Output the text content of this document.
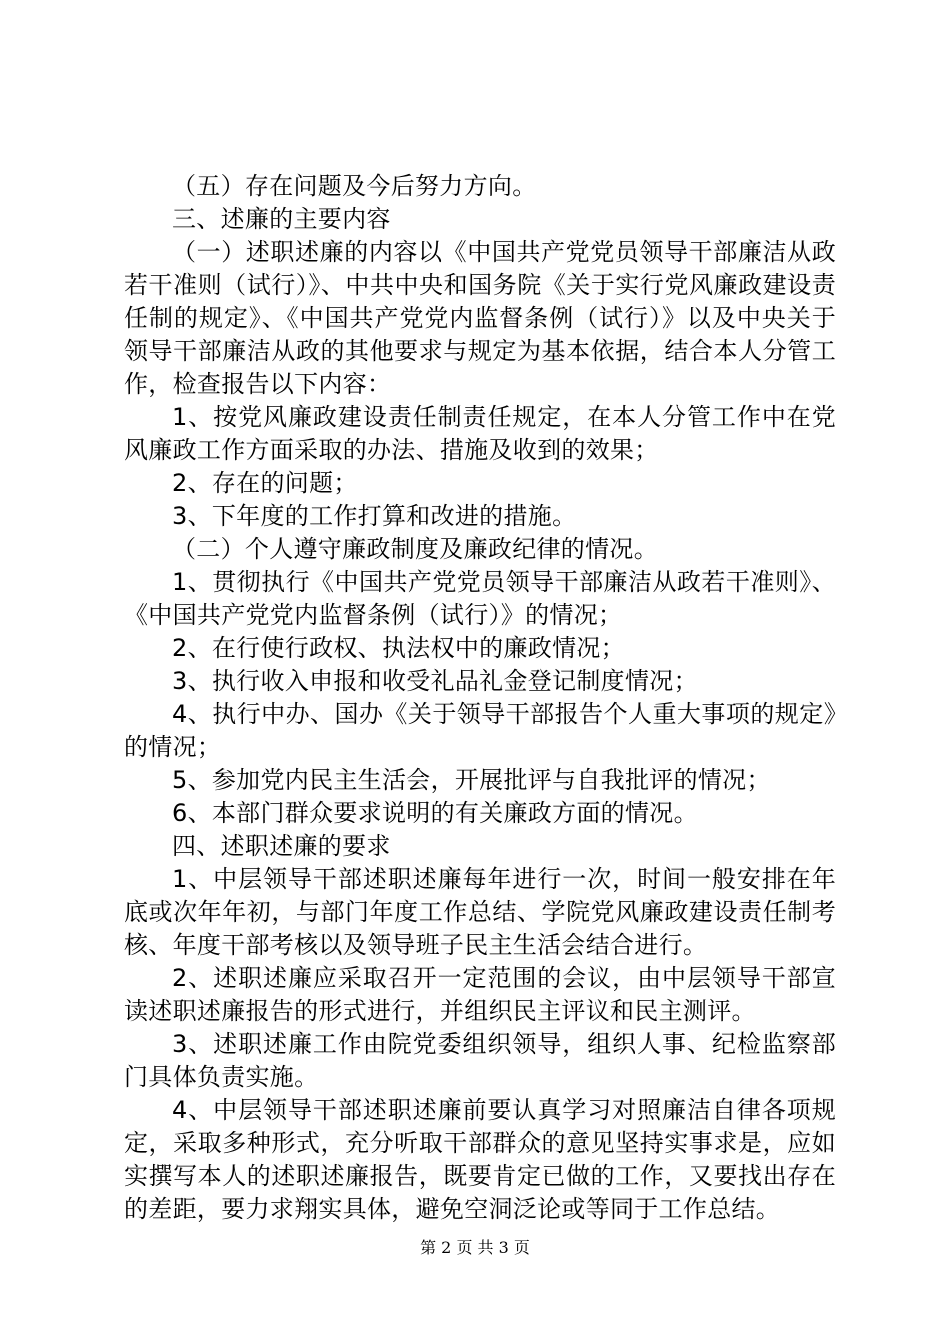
（五）存在问题及今后努力方向。

三、述廉的主要内容

（一）述职述廉的内容以《中国共产党党员领导干部廉洁从政若干准则（试行）》、中共中央和国务院《关于实行党风廉政建设责任制的规定》、《中国共产党党内监督条例（试行）》以及中央关于领导干部廉洁从政的其他要求与规定为基本依据，结合本人分管工作，检查报告以下内容：

1、按党风廉政建设责任制责任规定，在本人分管工作中在党风廉政工作方面采取的办法、措施及收到的效果；

2、存在的问题；

3、下年度的工作打算和改进的措施。

（二）个人遵守廉政制度及廉政纪律的情况。

1、贯彻执行《中国共产党党员领导干部廉洁从政若干准则》、《中国共产党党内监督条例（试行）》的情况；

2、在行使行政权、执法权中的廉政情况；

3、执行收入申报和收受礼品礼金登记制度情况；

4、执行中办、国办《关于领导干部报告个人重大事项的规定》的情况；

5、参加党内民主生活会，开展批评与自我批评的情况；

6、本部门群众要求说明的有关廉政方面的情况。

四、述职述廉的要求

1、中层领导干部述职述廉每年进行一次，时间一般安排在年底或次年年初，与部门年度工作总结、学院党风廉政建设责任制考核、年度干部考核以及领导班子民主生活会结合进行。

2、述职述廉应采取召开一定范围的会议，由中层领导干部宣读述职述廉报告的形式进行，并组织民主评议和民主测评。

3、述职述廉工作由院党委组织领导，组织人事、纪检监察部门具体负责实施。

4、中层领导干部述职述廉前要认真学习对照廉洁自律各项规定，采取多种形式，充分听取干部群众的意见坚持实事求是，应如实撰写本人的述职述廉报告，既要肯定已做的工作，又要找出存在的差距，要力求翔实具体，避免空洞泛论或等同于工作总结。

第 2 页 共 3 页
